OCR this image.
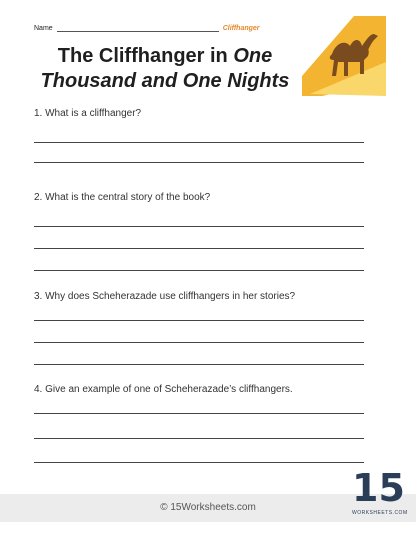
Name	Cliffhanger
The Cliffhanger in One
Thousand and One Nights
1. What is a cliffhanger?
2. What is the central story of the book?
3. Why does Scheherazade use cliffhangers in her stories?
4. Give an example of one of Scheherazade’s cliffhangers.
© 15Worksheets.com	15
WORKSHEETS.COM
